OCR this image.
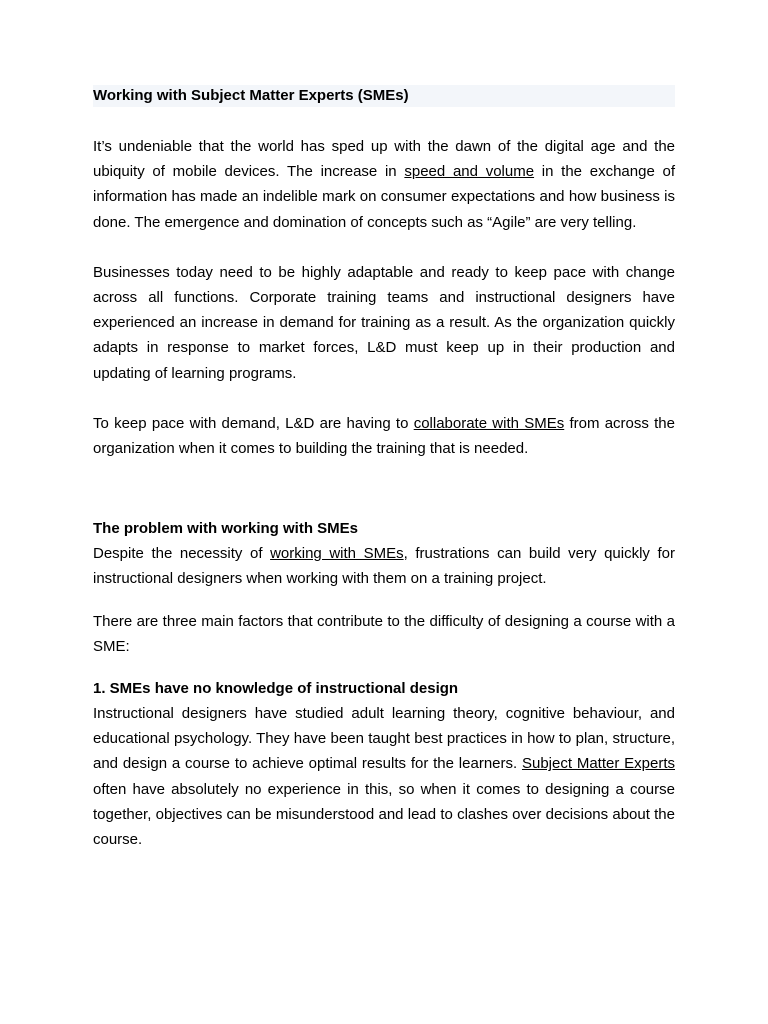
Working with Subject Matter Experts (SMEs)

It’s undeniable that the world has sped up with the dawn of the digital age and the ubiquity of mobile devices. The increase in speed and volume in the exchange of information has made an indelible mark on consumer expectations and how business is done. The emergence and domination of concepts such as “Agile” are very telling.

Businesses today need to be highly adaptable and ready to keep pace with change across all functions. Corporate training teams and instructional designers have experienced an increase in demand for training as a result. As the organization quickly adapts in response to market forces, L&D must keep up in their production and updating of learning programs.

To keep pace with demand, L&D are having to collaborate with SMEs from across the organization when it comes to building the training that is needed.

The problem with working with SMEs

Despite the necessity of working with SMEs, frustrations can build very quickly for instructional designers when working with them on a training project.

There are three main factors that contribute to the difficulty of designing a course with a SME:

1. SMEs have no knowledge of instructional design

Instructional designers have studied adult learning theory, cognitive behaviour, and educational psychology. They have been taught best practices in how to plan, structure, and design a course to achieve optimal results for the learners. Subject Matter Experts often have absolutely no experience in this, so when it comes to designing a course together, objectives can be misunderstood and lead to clashes over decisions about the course.
